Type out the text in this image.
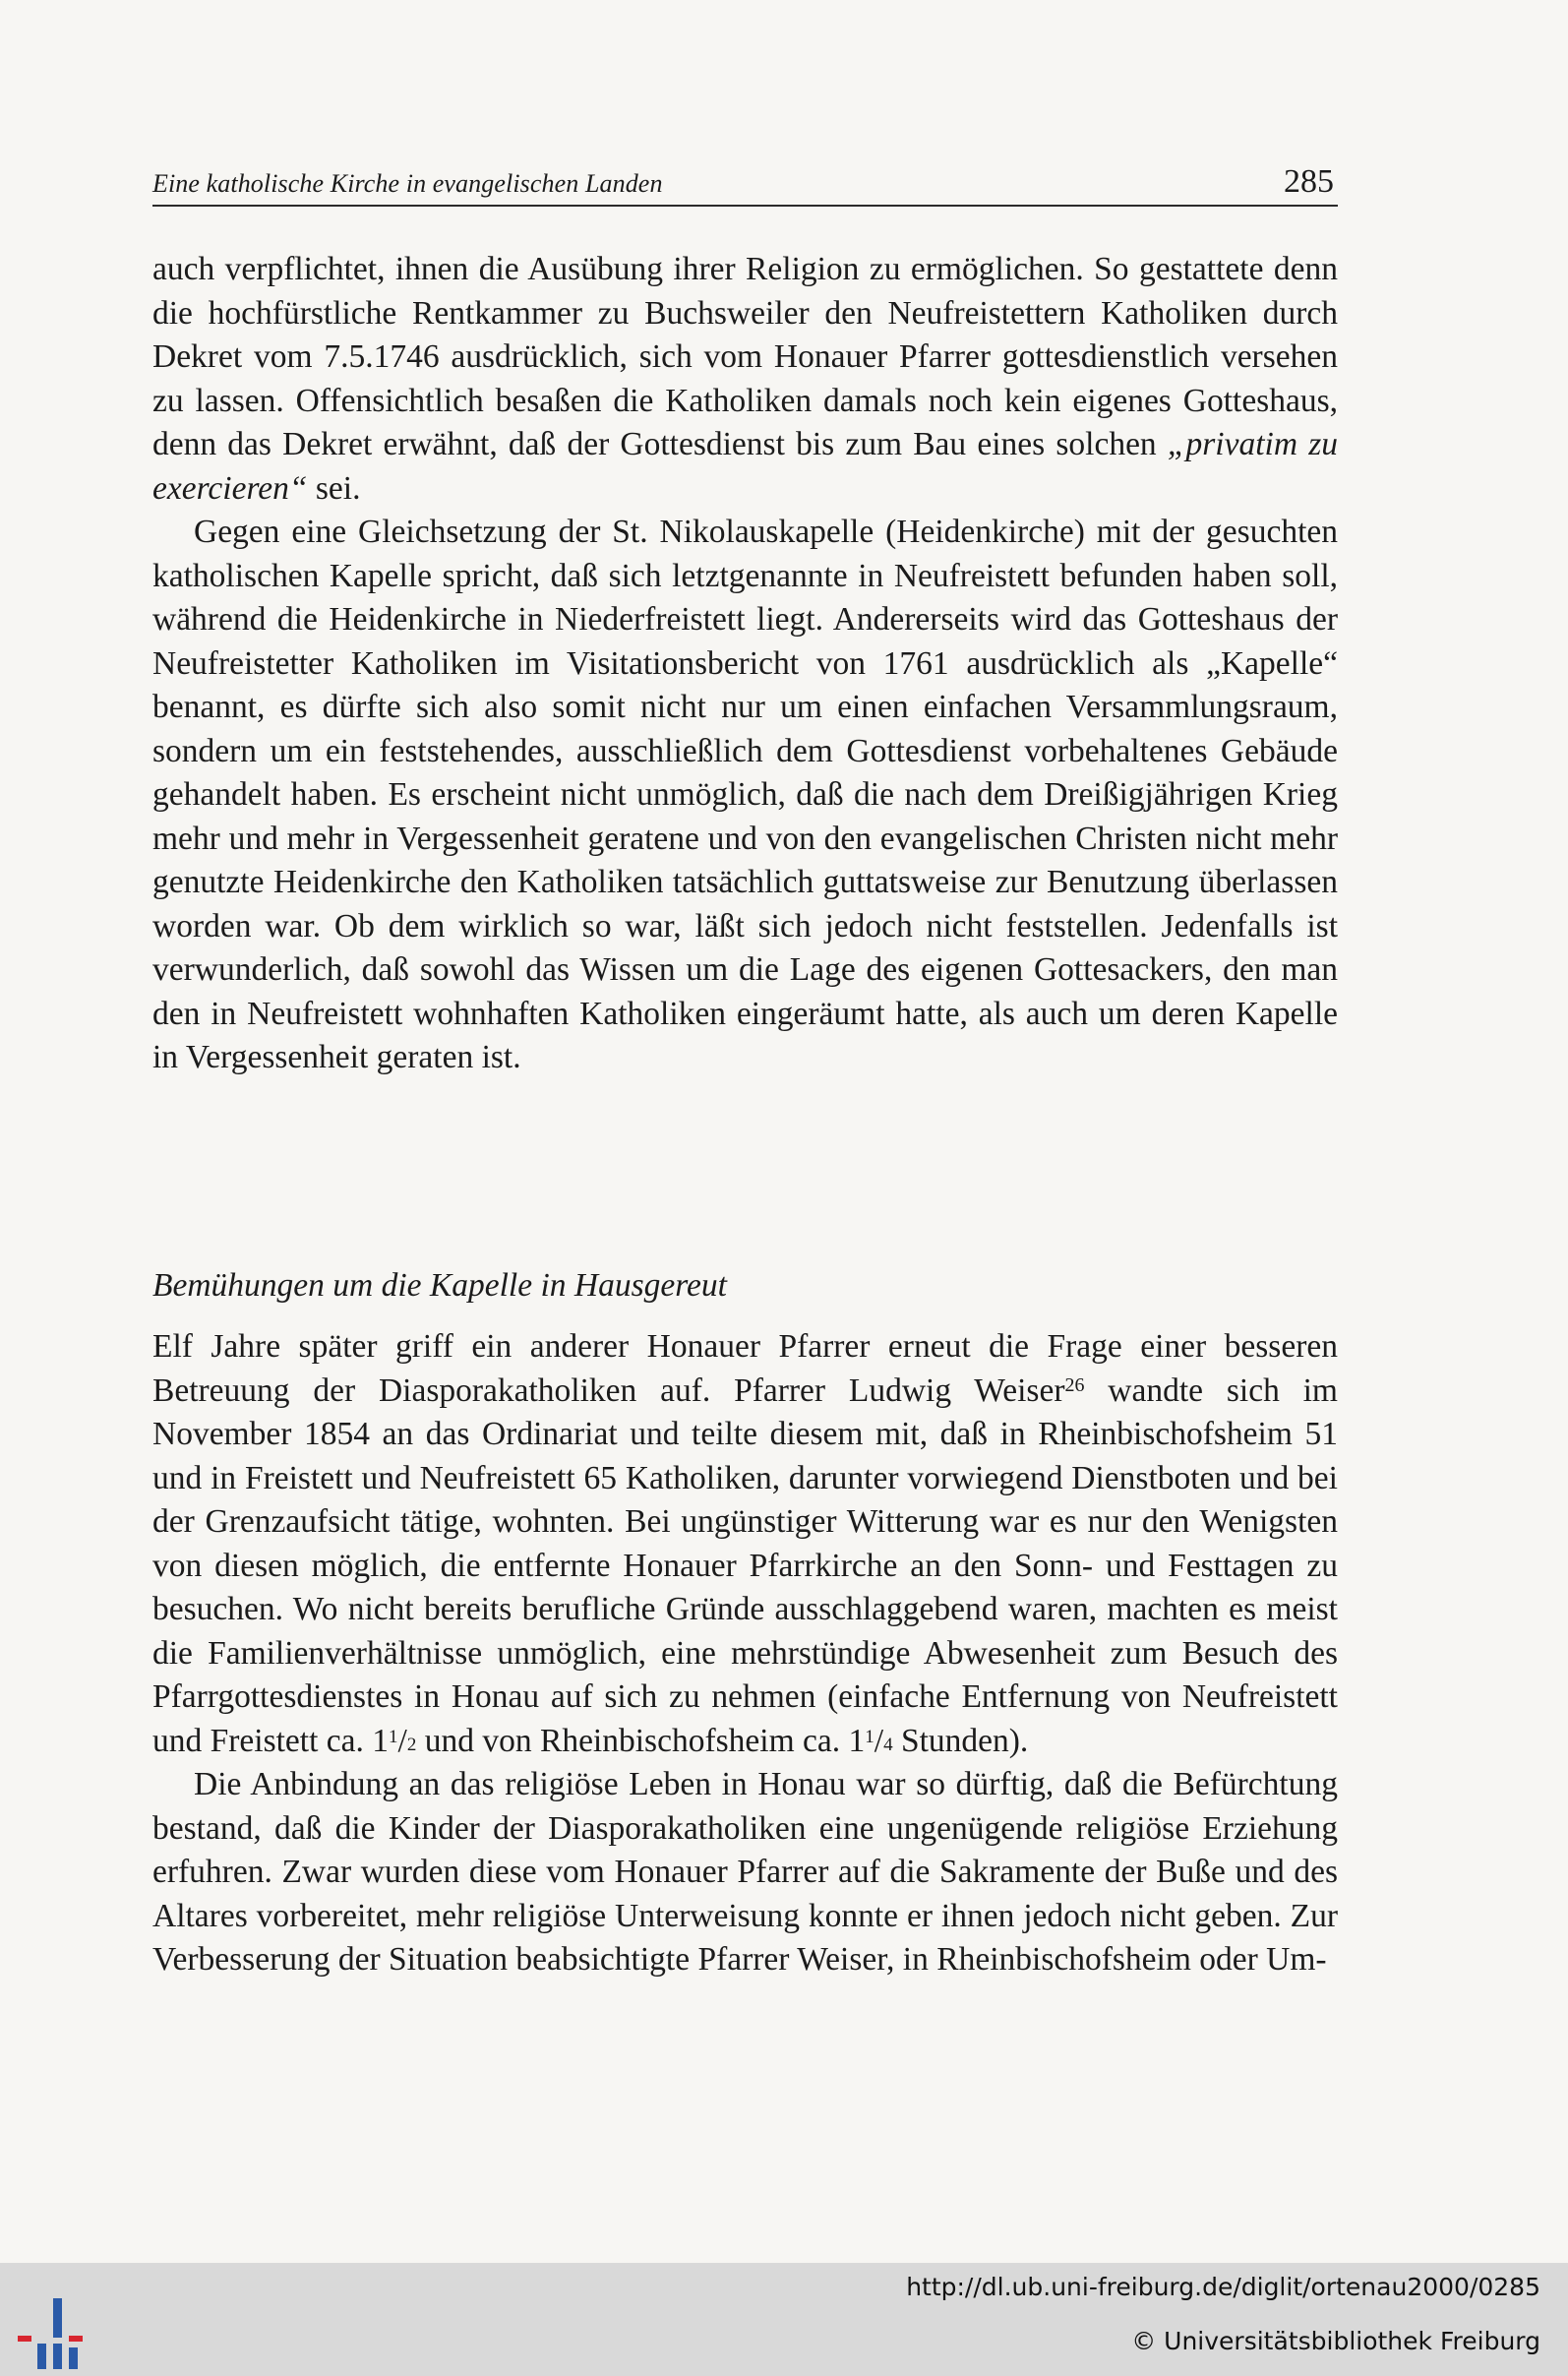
Eine katholische Kirche in evangelischen Landen	285

auch verpflichtet, ihnen die Ausübung ihrer Religion zu ermöglichen. So gestattete denn die hochfürstliche Rentkammer zu Buchsweiler den Neufreistettern Katholiken durch Dekret vom 7.5.1746 ausdrücklich, sich vom Honauer Pfarrer gottesdienstlich versehen zu lassen. Offensichtlich besaßen die Katholiken damals noch kein eigenes Gotteshaus, denn das Dekret erwähnt, daß der Gottesdienst bis zum Bau eines solchen „privatim zu exercieren“ sei.

Gegen eine Gleichsetzung der St. Nikolauskapelle (Heidenkirche) mit der gesuchten katholischen Kapelle spricht, daß sich letztgenannte in Neufreistett befunden haben soll, während die Heidenkirche in Niederfreistett liegt. Andererseits wird das Gotteshaus der Neufreistetter Katholiken im Visitationsbericht von 1761 ausdrücklich als „Kapelle“ benannt, es dürfte sich also somit nicht nur um einen einfachen Versammlungsraum, sondern um ein feststehendes, ausschließlich dem Gottesdienst vorbehaltenes Gebäude gehandelt haben. Es erscheint nicht unmöglich, daß die nach dem Dreißigjährigen Krieg mehr und mehr in Vergessenheit geratene und von den evangelischen Christen nicht mehr genutzte Heidenkirche den Katholiken tatsächlich guttatsweise zur Benutzung überlassen worden war. Ob dem wirklich so war, läßt sich jedoch nicht feststellen. Jedenfalls ist verwunderlich, daß sowohl das Wissen um die Lage des eigenen Gottesackers, den man den in Neufreistett wohnhaften Katholiken eingeräumt hatte, als auch um deren Kapelle in Vergessenheit geraten ist.

Bemühungen um die Kapelle in Hausgereut

Elf Jahre später griff ein anderer Honauer Pfarrer erneut die Frage einer besseren Betreuung der Diasporakatholiken auf. Pfarrer Ludwig Weiser$^{26}$ wandte sich im November 1854 an das Ordinariat und teilte diesem mit, daß in Rheinbischofsheim 51 und in Freistett und Neufreistett 65 Katholiken, darunter vorwiegend Dienstboten und bei der Grenzaufsicht tätige, wohnten. Bei ungünstiger Witterung war es nur den Wenigsten von diesen möglich, die entfernte Honauer Pfarrkirche an den Sonn- und Festtagen zu besuchen. Wo nicht bereits berufliche Gründe ausschlaggebend waren, machten es meist die Familienverhältnisse unmöglich, eine mehrstündige Abwesenheit zum Besuch des Pfarrgottesdienstes in Honau auf sich zu nehmen (einfache Entfernung von Neufreistett und Freistett ca. $1^1/_2$ und von Rheinbischofsheim ca. $1^1/_4$ Stunden).

Die Anbindung an das religiöse Leben in Honau war so dürftig, daß die Befürchtung bestand, daß die Kinder der Diasporakatholiken eine ungenügende religiöse Erziehung erfuhren. Zwar wurden diese vom Honauer Pfarrer auf die Sakramente der Buße und des Altares vorbereitet, mehr religiöse Unterweisung konnte er ihnen jedoch nicht geben. Zur Verbesserung der Situation beabsichtigte Pfarrer Weiser, in Rheinbischofsheim oder Um-

http://dl.ub.uni-freiburg.de/diglit/ortenau2000/0285
© Universitätsbibliothek Freiburg
